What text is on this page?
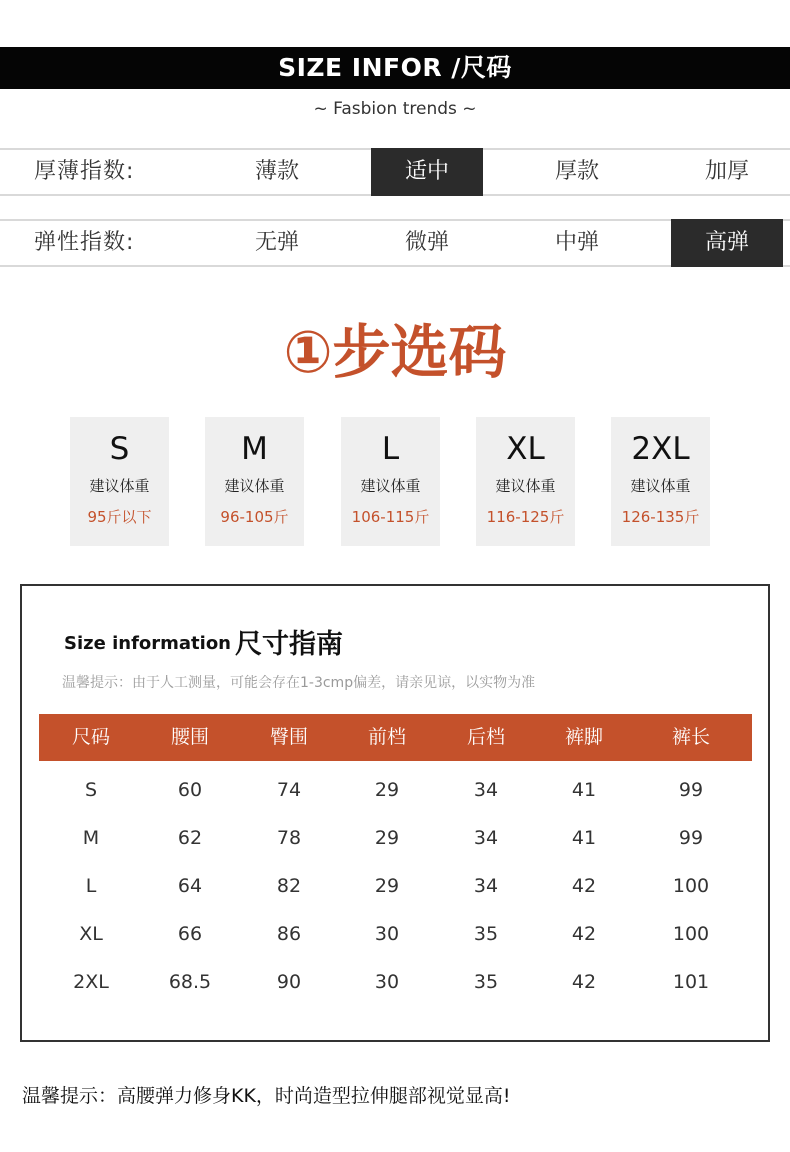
SIZE INFOR /尺码
~ Fasbion trends ~
厚薄指数:	薄款	适中	厚款	加厚
弹性指数:	无弹	微弹	中弹	高弹
①步选码
S
建议体重
95斤以下
M
建议体重
96-105斤
L
建议体重
106-115斤
XL
建议体重
116-125斤
2XL
建议体重
126-135斤
Size information 尺寸指南
温馨提示：由于人工测量，可能会存在1-3cmp偏差，请亲见谅，以实物为准
尺码	腰围	臀围	前档	后档	裤脚	裤长
S	60	74	29	34	41	99
M	62	78	29	34	41	99
L	64	82	29	34	42	100
XL	66	86	30	35	42	100
2XL	68.5	90	30	35	42	101
温馨提示：高腰弹力修身KK，时尚造型拉伸腿部视觉显高!
